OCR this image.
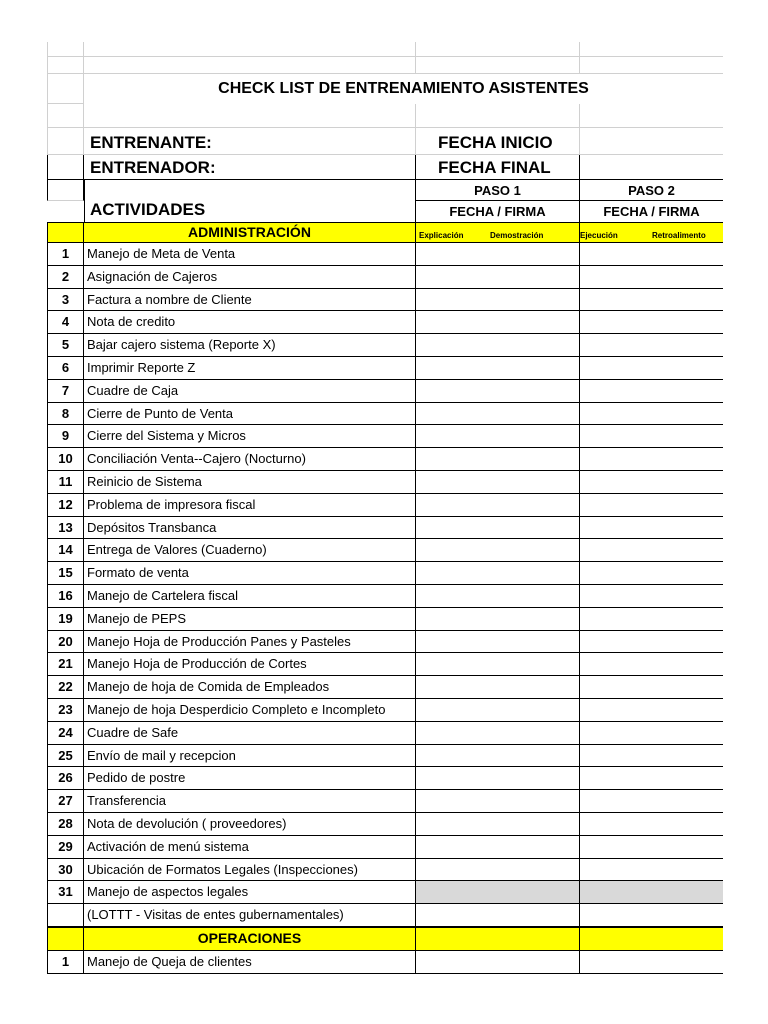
CHECK LIST DE ENTRENAMIENTO ASISTENTES
ENTRENANTE:	FECHA INICIO
ENTRENADOR:	FECHA FINAL
ACTIVIDADES
PASO 1	PASO 2
FECHA / FIRMA	FECHA / FIRMA
ADMINISTRACIÓN	Explicación	Demostración	Ejecución	Retroalimento
1	Manejo de Meta de Venta
2	Asignación de Cajeros
3	Factura a nombre de Cliente
4	Nota de credito
5	Bajar cajero sistema (Reporte X)
6	Imprimir Reporte Z
7	Cuadre de Caja
8	Cierre de Punto de Venta
9	Cierre del Sistema y Micros
10	Conciliación Venta--Cajero (Nocturno)
11	Reinicio de Sistema
12	Problema de impresora fiscal
13	Depósitos Transbanca
14	Entrega de Valores (Cuaderno)
15	Formato de venta
16	Manejo de Cartelera fiscal
19	Manejo de PEPS
20	Manejo Hoja de Producción Panes y Pasteles
21	Manejo Hoja de Producción de Cortes
22	Manejo de hoja de Comida de Empleados
23	Manejo de hoja Desperdicio Completo e Incompleto
24	Cuadre de Safe
25	Envío de mail y recepcion
26	Pedido de postre
27	Transferencia
28	Nota de devolución ( proveedores)
29	Activación de menú sistema
30	Ubicación de Formatos Legales (Inspecciones)
31	Manejo de aspectos legales
(LOTTT - Visitas de entes gubernamentales)
OPERACIONES
1	Manejo de Queja de clientes
